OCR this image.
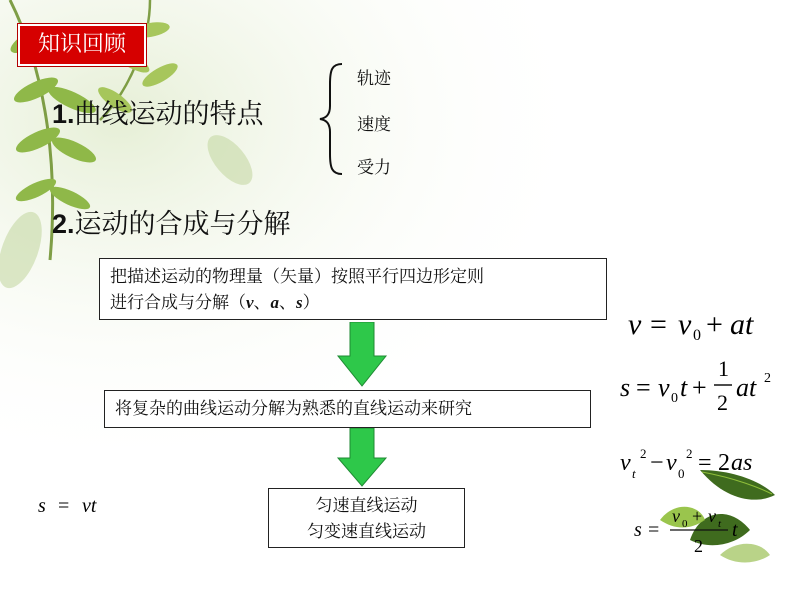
知识回顾
1.曲线运动的特点
轨迹
速度
受力
2.运动的合成与分解
把描述运动的物理量（矢量）按照平行四边形定则
进行合成与分解（v、a、s）
将复杂的曲线运动分解为熟悉的直线运动来研究
匀速直线运动
匀变速直线运动
s = vt
v = v 0 + at
s = v 0 t +
1
2
at 2
v t
2 − v 0
2 = 2 as
s =
v 0 + v t
2
t
